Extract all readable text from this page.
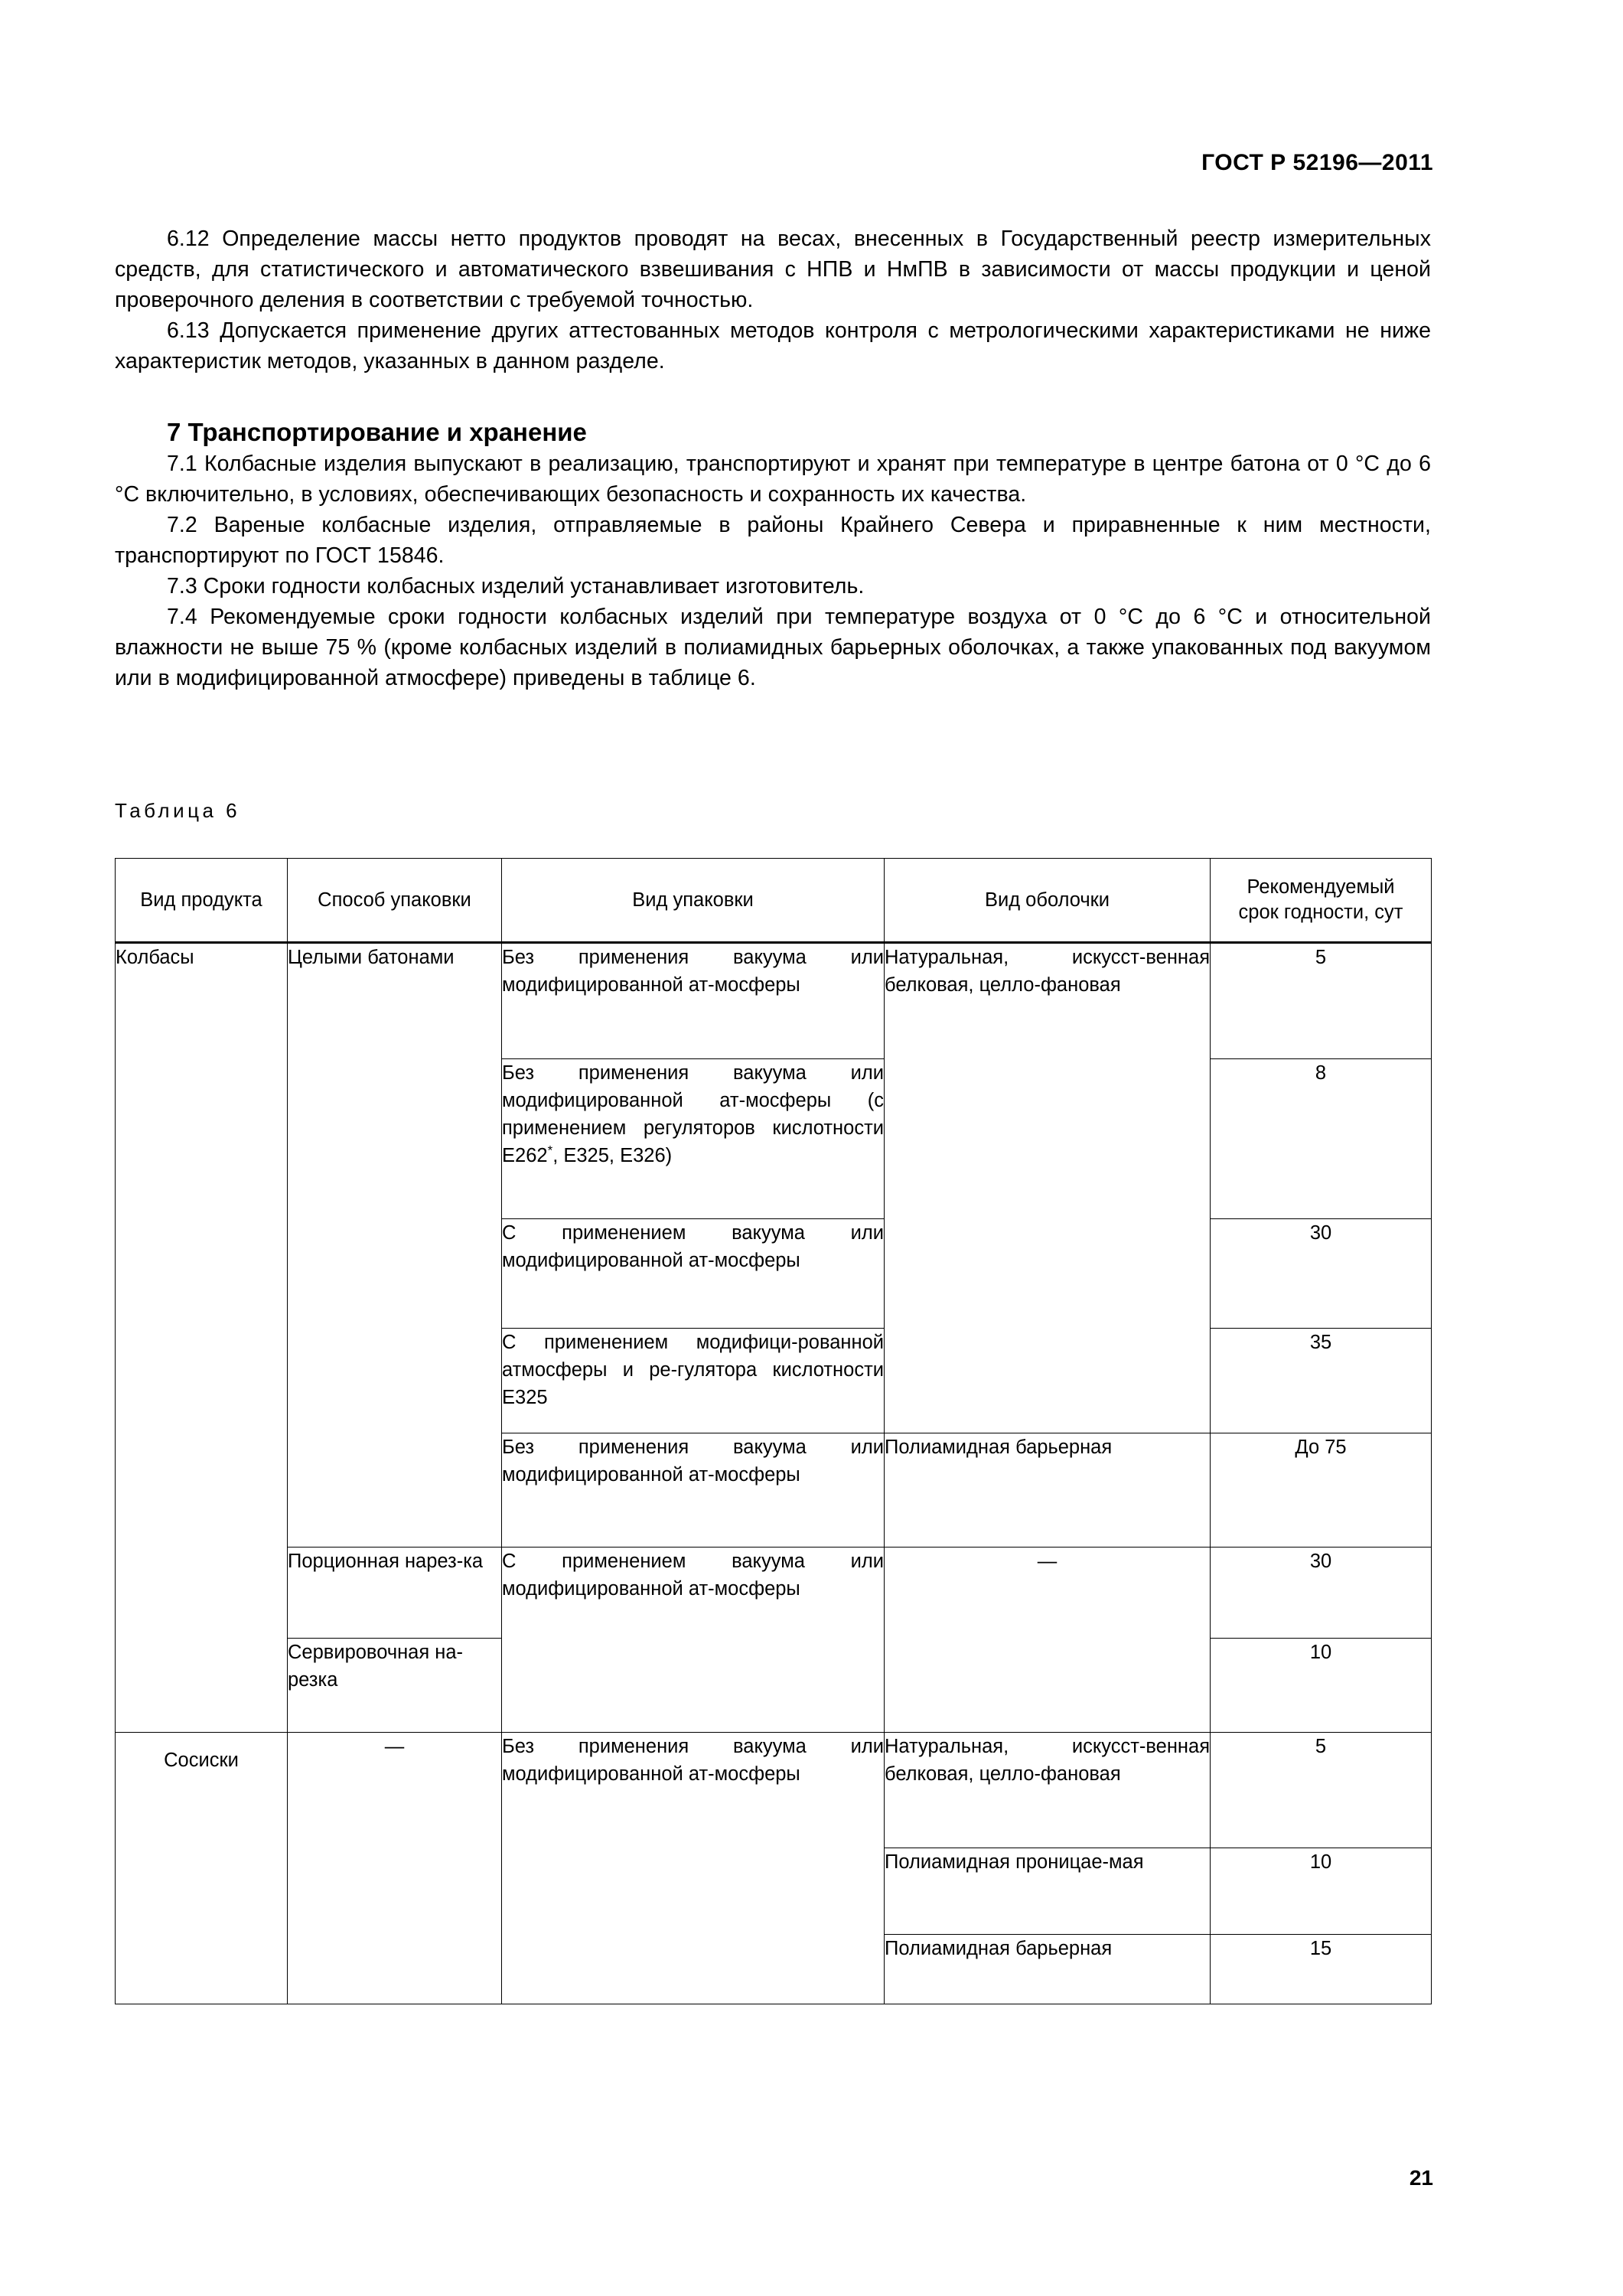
ГОСТ Р 52196—2011

6.12 Определение массы нетто продуктов проводят на весах, внесенных в Государственный реестр измерительных средств, для статистического и автоматического взвешивания с НПВ и НмПВ в зависимости от массы продукции и ценой проверочного деления в соответствии с требуемой точностью.

6.13 Допускается применение других аттестованных методов контроля с метрологическими характеристиками не ниже характеристик методов, указанных в данном разделе.

7 Транспортирование и хранение

7.1 Колбасные изделия выпускают в реализацию, транспортируют и хранят при температуре в центре батона от 0 °С до 6 °С включительно, в условиях, обеспечивающих безопасность и сохранность их качества.

7.2 Вареные колбасные изделия, отправляемые в районы Крайнего Севера и приравненные к ним местности, транспортируют по ГОСТ 15846.

7.3 Сроки годности колбасных изделий устанавливает изготовитель.

7.4 Рекомендуемые сроки годности колбасных изделий при температуре воздуха от 0 °С до 6 °С и относительной влажности не выше 75 % (кроме колбасных изделий в полиамидных барьерных оболочках, а также упакованных под вакуумом или в модифицированной атмосфере) приведены в таблице 6.

Таблица 6
Вид продукта	Способ упаковки	Вид упаковки	Вид оболочки	Рекомендуемый
срок годности, сут
Колбасы	Целыми батонами	Без применения вакуума или модифицированной ат-мосферы	Натуральная, искусст-венная белковая, целло-фановая	5
		Без применения вакуума или модифицированной ат-мосферы (с применением регуляторов кислотности Е262*, Е325, Е326)		8
		С применением вакуума или модифицированной ат-мосферы		30
		С применением модифици-рованной атмосферы и ре-гулятора кислотности Е325		35
		Без применения вакуума или модифицированной ат-мосферы	Полиамидная барьерная	До 75
	Порционная нарез-ка	С применением вакуума или модифицированной ат-мосферы	—	30
	Сервировочная на-резка			10
Сосиски	—	Без применения вакуума или модифицированной ат-мосферы	Натуральная, искусст-венная белковая, целло-фановая	5
			Полиамидная проницае-мая	10
			Полиамидная барьерная	15
21
